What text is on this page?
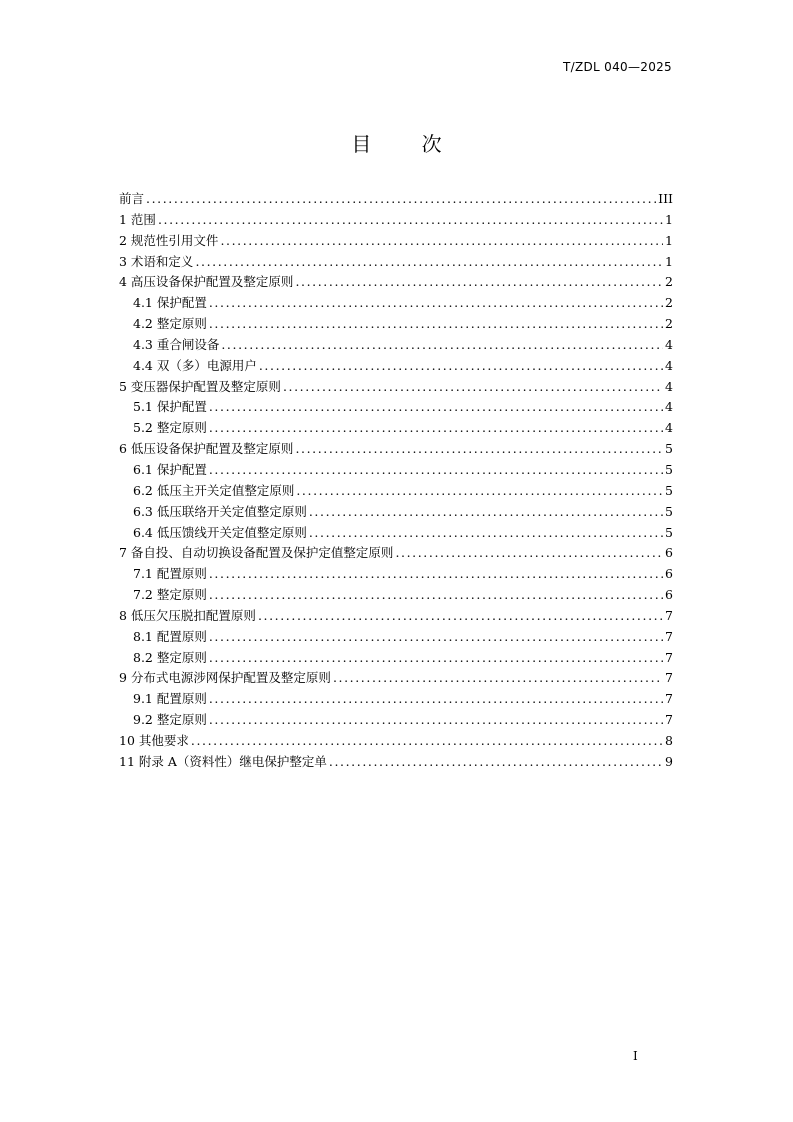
T/ZDL 040—2025
目 次
前言 .....	III
1 范围 .....	1
2 规范性引用文件 .....	1
3 术语和定义 .....	1
4 高压设备保护配置及整定原则 .....	2
4.1 保护配置 .....	2
4.2 整定原则 .....	2
4.3 重合闸设备 .....	4
4.4 双（多）电源用户 .....	4
5 变压器保护配置及整定原则 .....	4
5.1 保护配置 .....	4
5.2 整定原则 .....	4
6 低压设备保护配置及整定原则 .....	5
6.1 保护配置 .....	5
6.2 低压主开关定值整定原则 .....	5
6.3 低压联络开关定值整定原则 .....	5
6.4 低压馈线开关定值整定原则 .....	5
7 备自投、自动切换设备配置及保护定值整定原则 .....	6
7.1 配置原则 .....	6
7.2 整定原则 .....	6
8 低压欠压脱扣配置原则 .....	7
8.1 配置原则 .....	7
8.2 整定原则 .....	7
9 分布式电源涉网保护配置及整定原则 .....	7
9.1 配置原则 .....	7
9.2 整定原则 .....	7
10 其他要求 .....	8
11 附录 A（资料性）继电保护整定单 .....	9
I
